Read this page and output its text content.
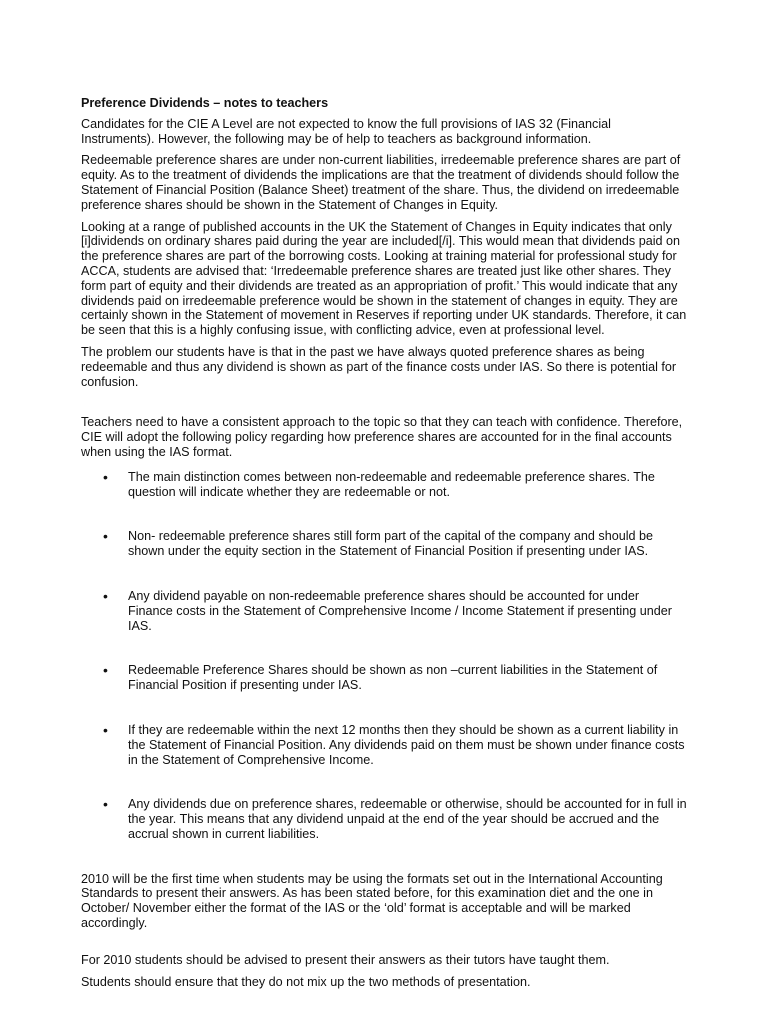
Preference Dividends – notes to teachers

Candidates for the CIE A Level are not expected to know the full provisions of IAS 32 (Financial Instruments). However, the following may be of help to teachers as background information.

Redeemable preference shares are under non-current liabilities, irredeemable preference shares are part of equity. As to the treatment of dividends the implications are that the treatment of dividends should follow the Statement of Financial Position (Balance Sheet) treatment of the share. Thus, the dividend on irredeemable preference shares should be shown in the Statement of Changes in Equity.

Looking at a range of published accounts in the UK the Statement of Changes in Equity indicates that only [i]dividends on ordinary shares paid during the year are included[/i]. This would mean that dividends paid on the preference shares are part of the borrowing costs. Looking at training material for professional study for ACCA, students are advised that: ‘Irredeemable preference shares are treated just like other shares. They form part of equity and their dividends are treated as an appropriation of profit.’ This would indicate that any dividends paid on irredeemable preference would be shown in the statement of changes in equity. They are certainly shown in the Statement of movement in Reserves if reporting under UK standards. Therefore, it can be seen that this is a highly confusing issue, with conflicting advice, even at professional level.

The problem our students have is that in the past we have always quoted preference shares as being redeemable and thus any dividend is shown as part of the finance costs under IAS. So there is potential for confusion.

Teachers need to have a consistent approach to the topic so that they can teach with confidence. Therefore, CIE will adopt the following policy regarding how preference shares are accounted for in the final accounts when using the IAS format.

• The main distinction comes between non-redeemable and redeemable preference shares. The question will indicate whether they are redeemable or not.
• Non- redeemable preference shares still form part of the capital of the company and should be shown under the equity section in the Statement of Financial Position if presenting under IAS.
• Any dividend payable on non-redeemable preference shares should be accounted for under Finance costs in the Statement of Comprehensive Income / Income Statement if presenting under IAS.
• Redeemable Preference Shares should be shown as non –current liabilities in the Statement of Financial Position if presenting under IAS.
• If they are redeemable within the next 12 months then they should be shown as a current liability in the Statement of Financial Position. Any dividends paid on them must be shown under finance costs in the Statement of Comprehensive Income.
• Any dividends due on preference shares, redeemable or otherwise, should be accounted for in full in the year. This means that any dividend unpaid at the end of the year should be accrued and the accrual shown in current liabilities.

2010 will be the first time when students may be using the formats set out in the International Accounting Standards to present their answers. As has been stated before, for this examination diet and the one in October/ November either the format of the IAS or the ‘old’ format is acceptable and will be marked accordingly.

For 2010 students should be advised to present their answers as their tutors have taught them.

Students should ensure that they do not mix up the two methods of presentation.
